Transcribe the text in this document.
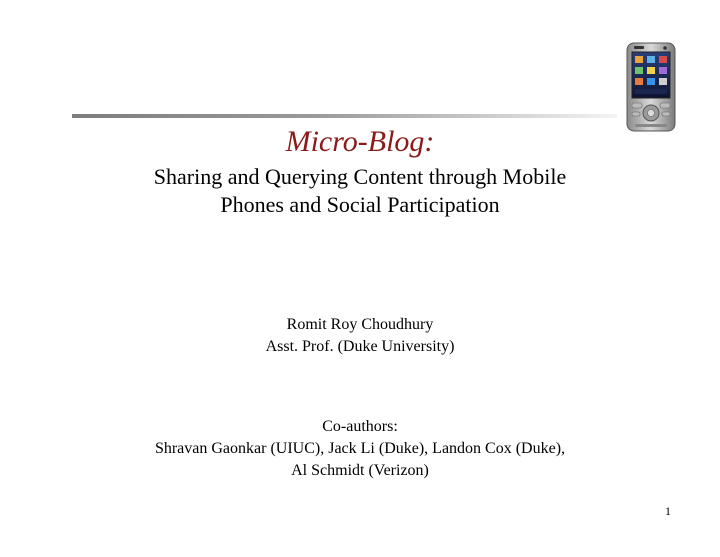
Micro-Blog:
Sharing and Querying Content through Mobile
Phones and Social Participation
Romit Roy Choudhury
Asst. Prof. (Duke University)
Co-authors:
Shravan Gaonkar (UIUC), Jack Li (Duke), Landon Cox (Duke),
Al Schmidt (Verizon)
1
